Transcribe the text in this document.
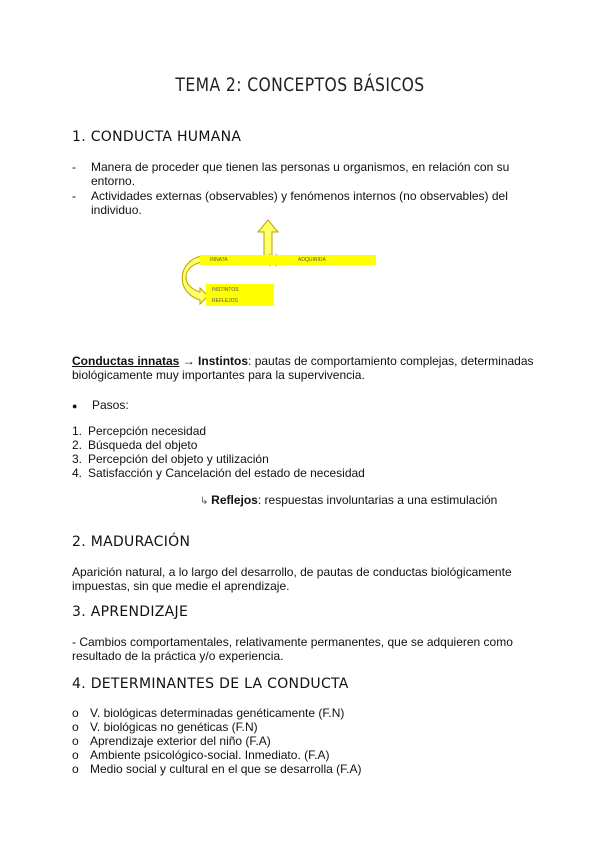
TEMA 2: CONCEPTOS BÁSICOS
1. CONDUCTA HUMANA
- Manera de proceder que tienen las personas u organismos, en relación con su entorno.
- Actividades externas (observables) y fenómenos internos (no observables) del individuo.
INNATA	ADQUIRIDA
INSTINTOS
REFLEJOS
Conductas innatas → Instintos: pautas de comportamiento complejas, determinadas biológicamente muy importantes para la supervivencia.
● Pasos:
1. Percepción necesidad
2. Búsqueda del objeto
3. Percepción del objeto y utilización
4. Satisfacción y Cancelación del estado de necesidad
↳ Reflejos: respuestas involuntarias a una estimulación
2. MADURACIÓN
Aparición natural, a lo largo del desarrollo, de pautas de conductas biológicamente impuestas, sin que medie el aprendizaje.
3. APRENDIZAJE
- Cambios comportamentales, relativamente permanentes, que se adquieren como resultado de la práctica y/o experiencia.
4. DETERMINANTES DE LA CONDUCTA
o V. biológicas determinadas genéticamente (F.N)
o V. biológicas no genéticas (F.N)
o Aprendizaje exterior del niño (F.A)
o Ambiente psicológico-social. Inmediato. (F.A)
o Medio social y cultural en el que se desarrolla (F.A)
